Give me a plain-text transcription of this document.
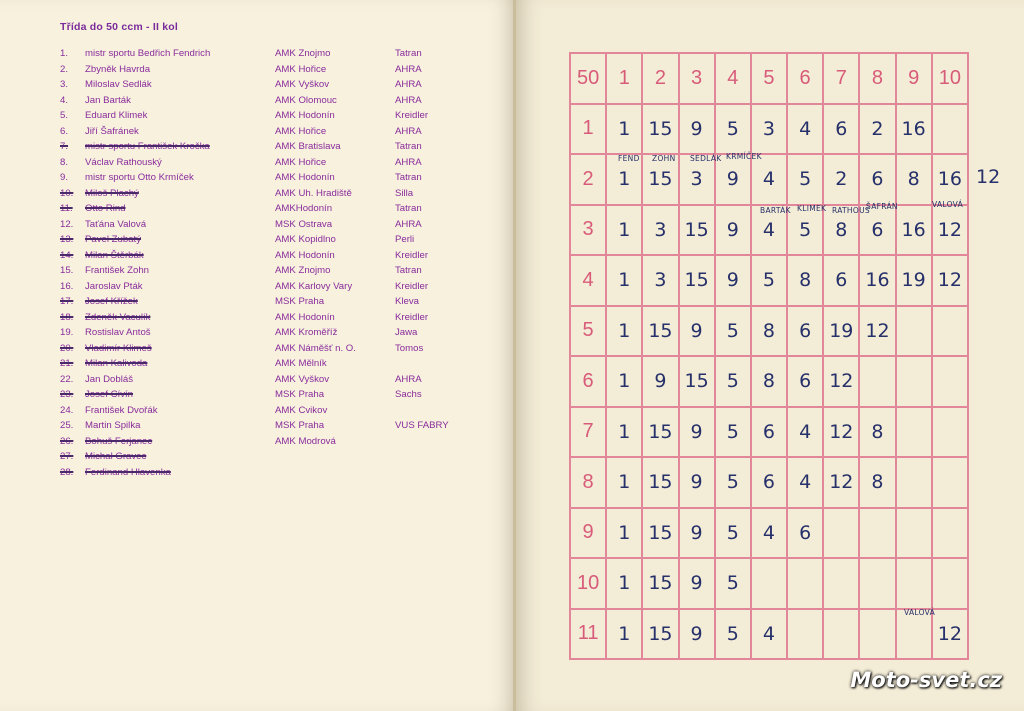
Třída do 50 ccm - II kol
1. mistr sportu Bedřich Fendrich	AMK Znojmo	Tatran
2. Zbyněk Havrda	AMK Hořice	AHRA
3. Miloslav Sedlák	AMK Vyškov	AHRA
4. Jan Barták	AMK Olomouc	AHRA
5. Eduard Klimek	AMK Hodonín	Kreidler
6. Jiří Šafránek	AMK Hořice	AHRA
7. mistr sportu František Kročka	AMK Bratislava	Tatran
8. Václav Rathouský	AMK Hořice	AHRA
9. mistr sportu Otto Krmíček	AMK Hodonín	Tatran
10. Miloš Plachý	AMK Uh. Hradiště	Silla
11. Otto Rind	AMKHodonín	Tatran
12. Taťána Valová	MSK Ostrava	AHRA
13. Pavel Zubatý	AMK Kopidlno	Perli
14. Milan Štěrbák	AMK Hodonín	Kreidler
15. František Zohn	AMK Znojmo	Tatran
16. Jaroslav Pták	AMK Karlovy Vary	Kreidler
17. Josef Křížek	MSK Praha	Kleva
18. Zdeněk Vaculík	AMK Hodonín	Kreidler
19. Rostislav Antoš	AMK Kroměříž	Jawa
20. Vladimír Klimeš	AMK Náměšť n. O.	Tomos
21. Milan Kalivoda	AMK Mělník
22. Jan Dobláš	AMK Vyškov	AHRA
23. Josef Cívín	MSK Praha	Sachs
24. František Dvořák	AMK Cvikov
25. Martin Spilka	MSK Praha	VUS FABRY
26. Bohuš Ferjanec	AMK Modrová
27. Michal Gravec
28. Ferdinand Hlavenka
50	1	2	3	4	5	6	7	8	9	10
1	1	15	9	5	3	4	6	2	16	
2	1	15	3	9	4	5	2	6	8	16
3	1	3	15	9	4	5	8	6	16	12
4	1	3	15	9	5	8	6	16	19	12
5	1	15	9	5	8	6	19	12		
6	1	9	15	5	8	6	12			
7	1	15	9	5	6	4	12	8		
8	1	15	9	5	6	4	12	8		
9	1	15	9	5	4	6				
10	1	15	9	5						
11	1	15	9	5	4					12
FEND ZOHN SEDLÁK KRMÍČEK
BARTÁK KLIMEK RATHOUS
ŠAFRÁN	VALOVÁ
VALOVÁ
12
Moto-svet.cz
